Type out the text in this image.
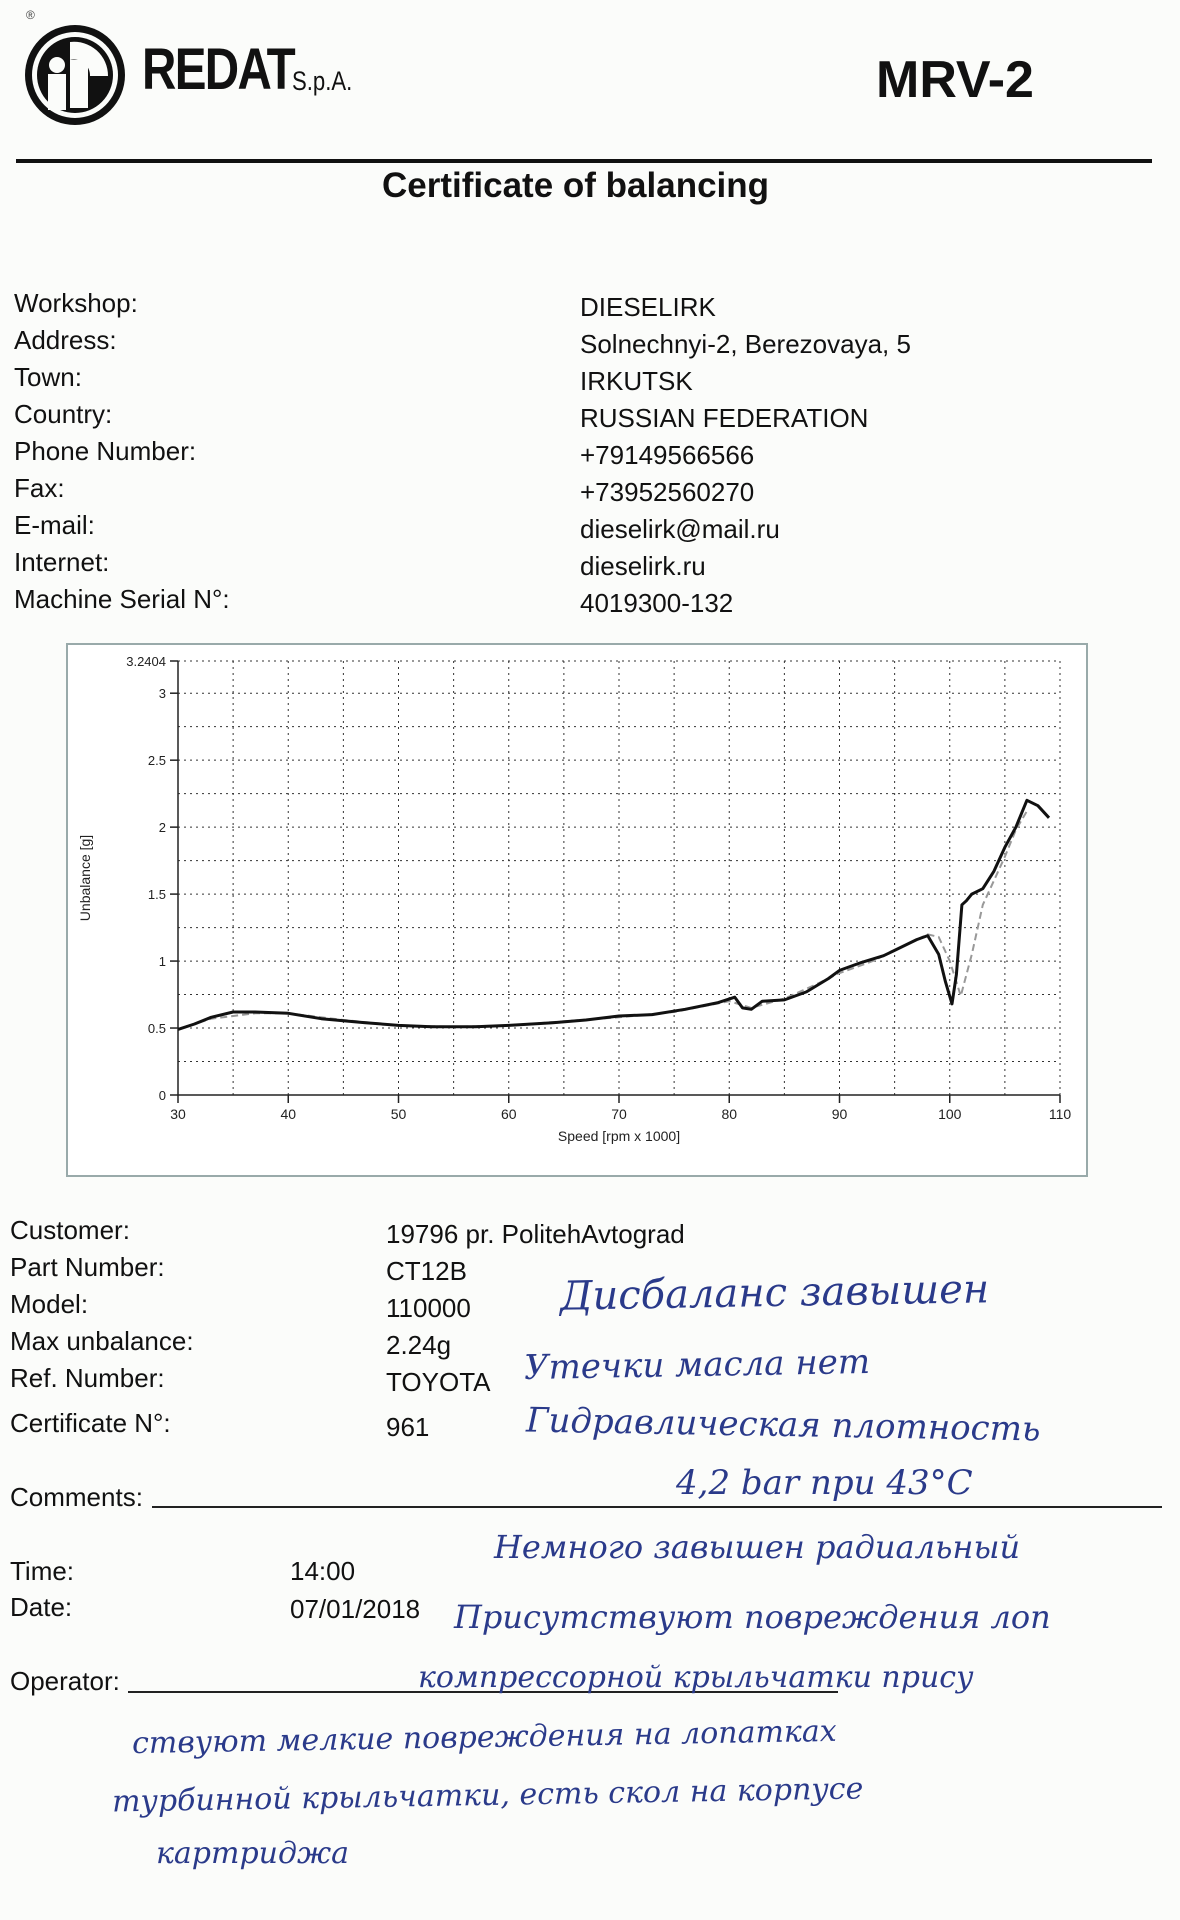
®
REDAT
S.p.A.	MRV-2
Certificate of balancing
Workshop:	DIESELIRK
Address:	Solnechnyi-2, Berezovaya, 5
Town:	IRKUTSK
Country:	RUSSIAN FEDERATION
Phone Number:	+79149566566
Fax:	+73952560270
E-mail:	dieselirk@mail.ru
Internet:	dieselirk.ru
Machine Serial N°:	4019300-132
0
0.5
1
1.5
2
2.5
3
3.2404
30	40	50	60	70	80	90	100	110
Speed [rpm x 1000]
Unbalance [g]
Customer:	19796 pr. PolitehAvtograd
Part Number:	CT12B
Model:	110000
Max unbalance:	2.24g
Ref. Number:	TOYOTA
Certificate N°:	961
Comments:
Time:	14:00
Date:	07/01/2018
Operator:
Дисбаланс завышен
Утечки масла нет
Гидравлическая плотность
4,2 bar при 43°С
Немного завышен радиальный
Присутствуют повреждения лоп
компрессорной крыльчатки прису
ствуют мелкие повреждения на лопатках
турбинной крыльчатки, есть скол на корпусе
картриджа
